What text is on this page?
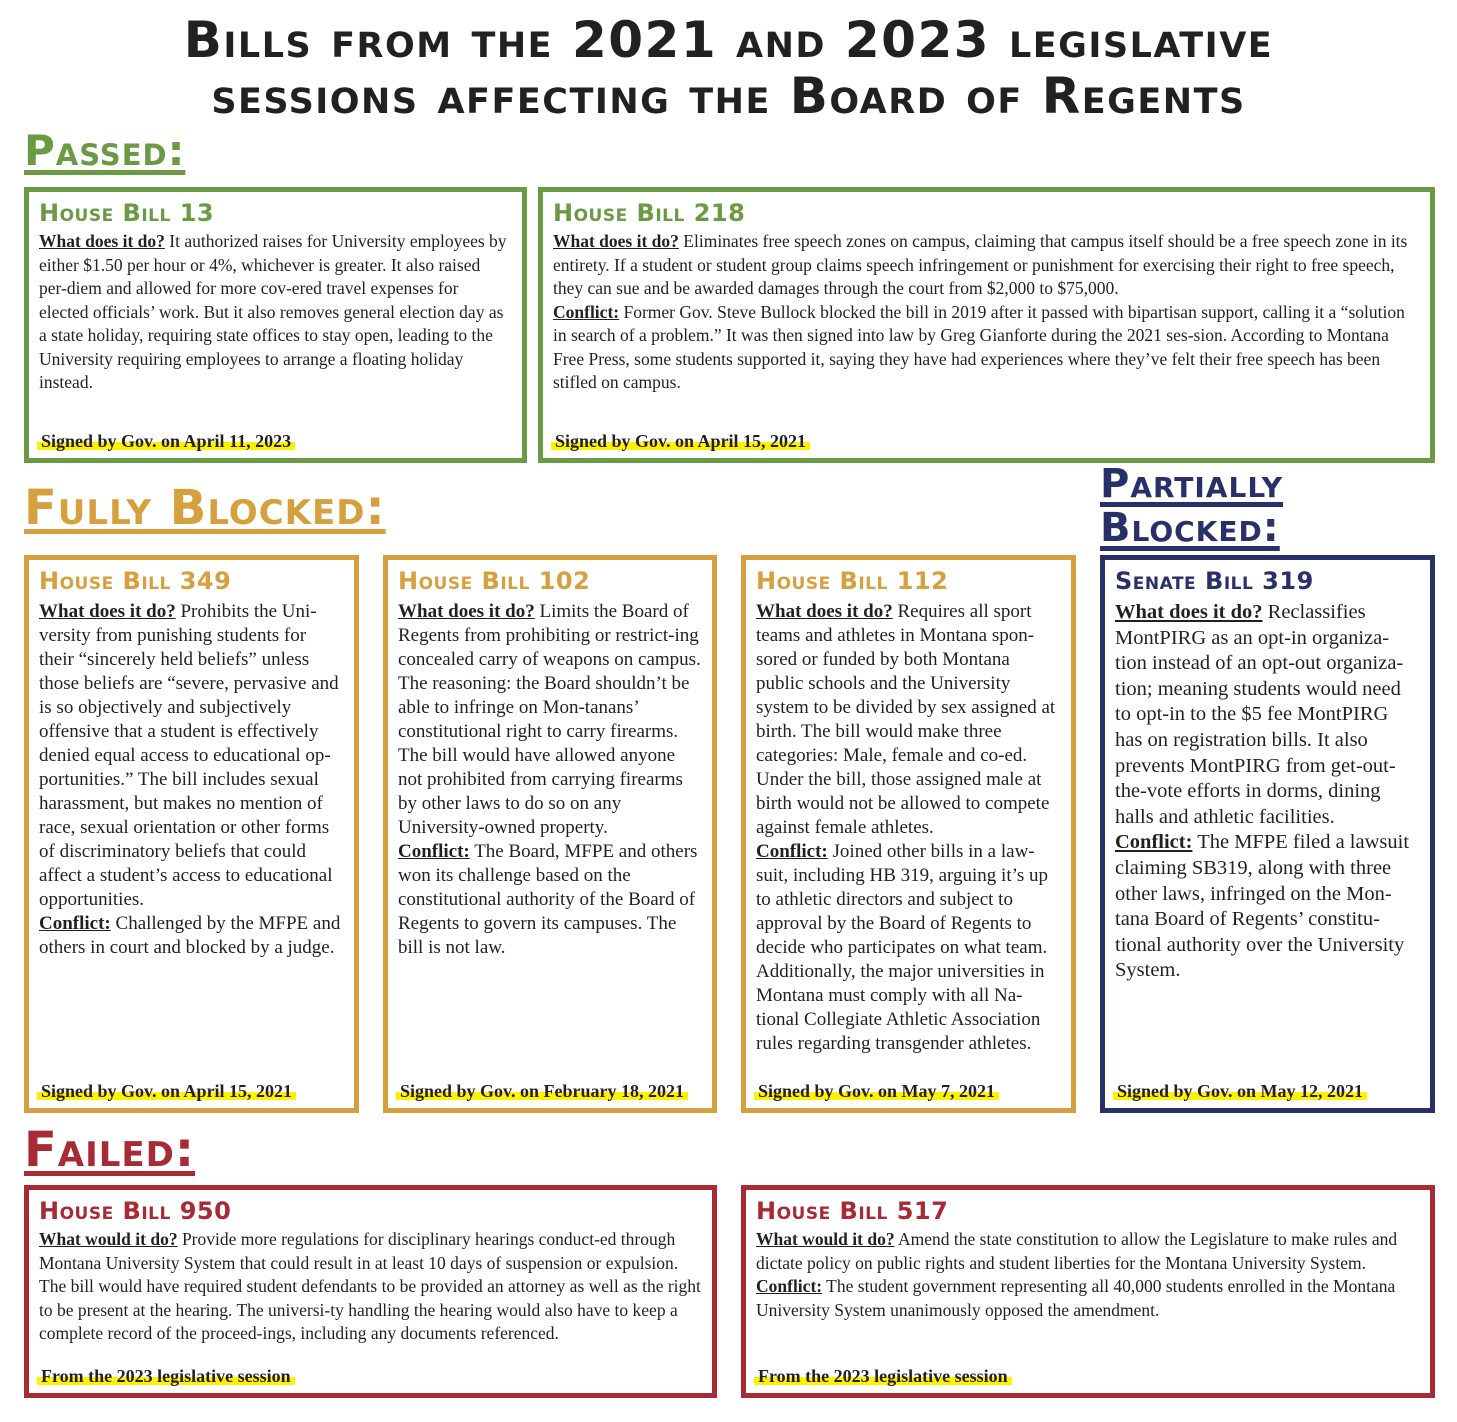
Bills from the 2021 and 2023 legislative
sessions affecting the Board of Regents
Passed:
House Bill 13

What does it do? It authorized raises for University employees by either $1.50 per hour or 4%, whichever is greater. It also raised per-diem and allowed for more cov-ered travel expenses for elected officials’ work. But it also removes general election day as a state holiday, requiring state offices to stay open, leading to the University requiring employees to arrange a floating holiday instead.

Signed by Gov. on April 11, 2023
House Bill 218

What does it do? Eliminates free speech zones on campus, claiming that campus itself should be a free speech zone in its entirety. If a student or student group claims speech infringement or punishment for exercising their right to free speech, they can sue and be awarded damages through the court from $2,000 to $75,000.

Conflict: Former Gov. Steve Bullock blocked the bill in 2019 after it passed with bipartisan support, calling it a “solution in search of a problem.” It was then signed into law by Greg Gianforte during the 2021 ses-sion. According to Montana Free Press, some students supported it, saying they have had experiences where they’ve felt their free speech has been stifled on campus.

Signed by Gov. on April 15, 2021
Fully Blocked:	Partially
Blocked:
House Bill 349

What does it do? Prohibits the Uni-versity from punishing students for their “sincerely held beliefs” unless those beliefs are “severe, pervasive and is so objectively and subjectively offensive that a student is effectively denied equal access to educational op-portunities.” The bill includes sexual harassment, but makes no mention of race, sexual orientation or other forms of discriminatory beliefs that could affect a student’s access to educational opportunities.

Conflict: Challenged by the MFPE and others in court and blocked by a judge.

Signed by Gov. on April 15, 2021
House Bill 102

What does it do? Limits the Board of Regents from prohibiting or restrict-ing concealed carry of weapons on campus. The reasoning: the Board shouldn’t be able to infringe on Mon-tanans’ constitutional right to carry firearms. The bill would have allowed anyone not prohibited from carrying firearms by other laws to do so on any University-owned property.

Conflict: The Board, MFPE and others won its challenge based on the constitutional authority of the Board of Regents to govern its campuses. The bill is not law.

Signed by Gov. on February 18, 2021
House Bill 112

What does it do? Requires all sport teams and athletes in Montana spon-sored or funded by both Montana public schools and the University system to be divided by sex assigned at birth. The bill would make three categories: Male, female and co-ed. Under the bill, those assigned male at birth would not be allowed to compete against female athletes.

Conflict: Joined other bills in a law-suit, including HB 319, arguing it’s up to athletic directors and subject to approval by the Board of Regents to decide who participates on what team. Additionally, the major universities in Montana must comply with all Na-tional Collegiate Athletic Association rules regarding transgender athletes.

Signed by Gov. on May 7, 2021
Senate Bill 319

What does it do? Reclassifies MontPIRG as an opt-in organiza-tion instead of an opt-out organiza-tion; meaning students would need to opt-in to the $5 fee MontPIRG has on registration bills. It also prevents MontPIRG from get-out-the-vote efforts in dorms, dining halls and athletic facilities.

Conflict: The MFPE filed a lawsuit claiming SB319, along with three other laws, infringed on the Mon-tana Board of Regents’ constitu-tional authority over the University System.

Signed by Gov. on May 12, 2021
Failed:
House Bill 950

What would it do? Provide more regulations for disciplinary hearings conduct-ed through Montana University System that could result in at least 10 days of suspension or expulsion. The bill would have required student defendants to be provided an attorney as well as the right to be present at the hearing. The universi-ty handling the hearing would also have to keep a complete record of the proceed-ings, including any documents referenced.

From the 2023 legislative session
House Bill 517

What would it do? Amend the state constitution to allow the Legislature to make rules and dictate policy on public rights and student liberties for the Montana University System.

Conflict: The student government representing all 40,000 students enrolled in the Montana University System unanimously opposed the amendment.

From the 2023 legislative session
